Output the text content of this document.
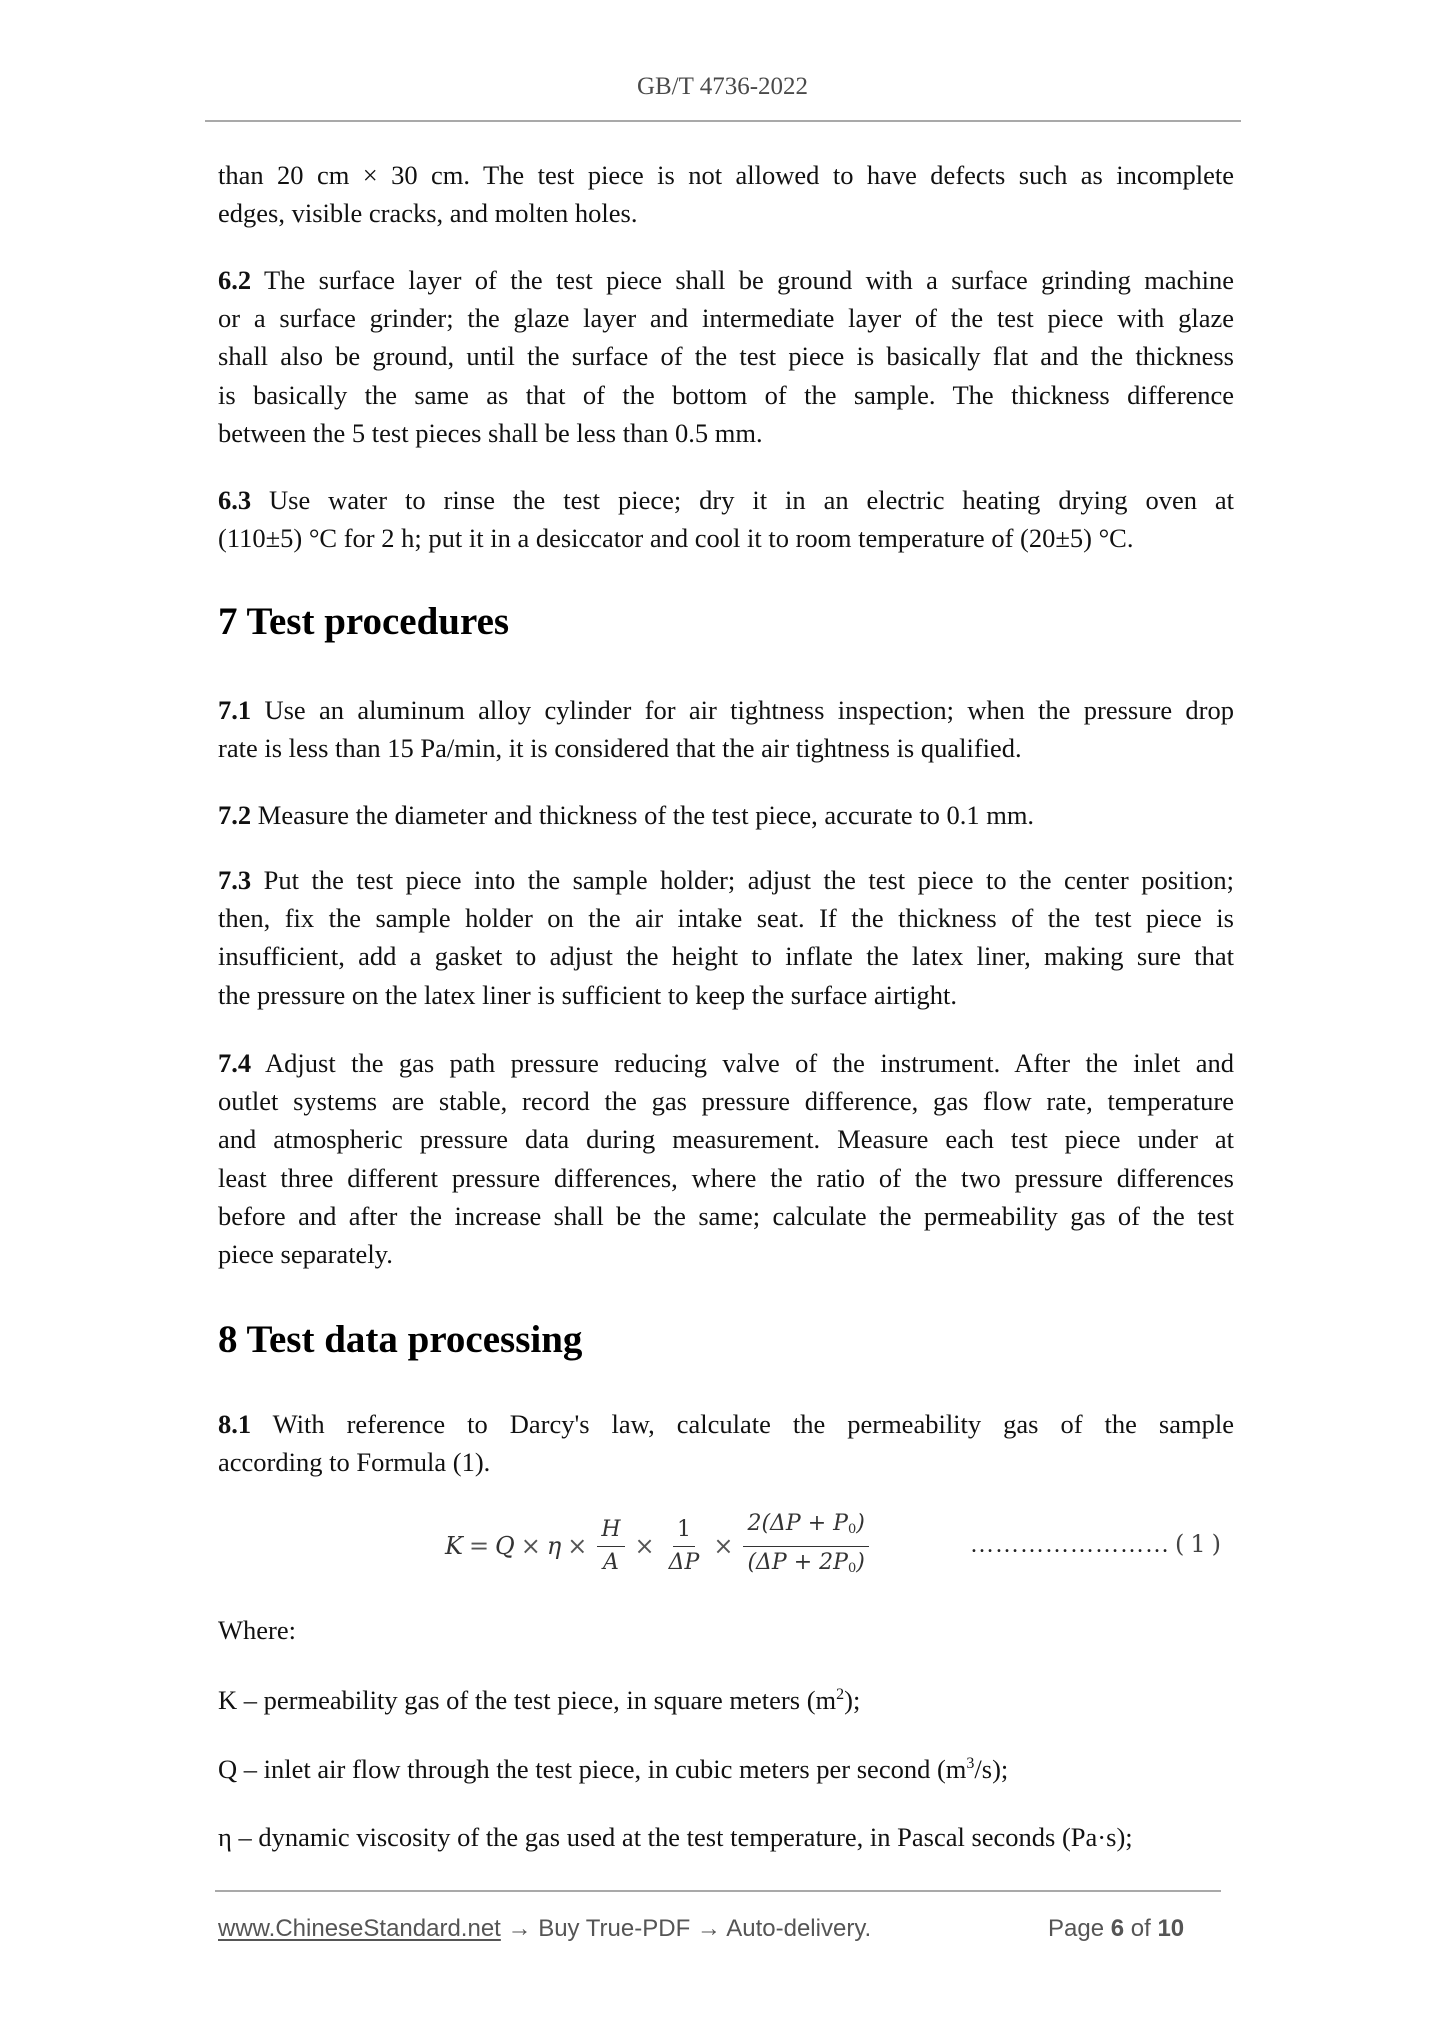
GB/T 4736-2022
than 20 cm × 30 cm. The test piece is not allowed to have defects such as incomplete
edges, visible cracks, and molten holes.
6.2 The surface layer of the test piece shall be ground with a surface grinding machine
or a surface grinder; the glaze layer and intermediate layer of the test piece with glaze
shall also be ground, until the surface of the test piece is basically flat and the thickness
is basically the same as that of the bottom of the sample. The thickness difference
between the 5 test pieces shall be less than 0.5 mm.
6.3 Use water to rinse the test piece; dry it in an electric heating drying oven at
(110±5) °C for 2 h; put it in a desiccator and cool it to room temperature of (20±5) °C.
7 Test procedures
7.1 Use an aluminum alloy cylinder for air tightness inspection; when the pressure drop
rate is less than 15 Pa/min, it is considered that the air tightness is qualified.
7.2 Measure the diameter and thickness of the test piece, accurate to 0.1 mm.
7.3 Put the test piece into the sample holder; adjust the test piece to the center position;
then, fix the sample holder on the air intake seat. If the thickness of the test piece is
insufficient, add a gasket to adjust the height to inflate the latex liner, making sure that
the pressure on the latex liner is sufficient to keep the surface airtight.
7.4 Adjust the gas path pressure reducing valve of the instrument. After the inlet and
outlet systems are stable, record the gas pressure difference, gas flow rate, temperature
and atmospheric pressure data during measurement. Measure each test piece under at
least three different pressure differences, where the ratio of the two pressure differences
before and after the increase shall be the same; calculate the permeability gas of the test
piece separately.
8 Test data processing
8.1 With reference to Darcy's law, calculate the permeability gas of the sample
according to Formula (1).
$K = Q \times \eta \times \frac{H}{A} \times \frac{1}{\Delta P} \times \frac{2(\Delta P + P_0)}{(\Delta P + 2P_0)}$	…………………… (1)
Where:
K – permeability gas of the test piece, in square meters $(m^2)$;
Q – inlet air flow through the test piece, in cubic meters per second $(m^3/s)$;
η – dynamic viscosity of the gas used at the test temperature, in Pascal seconds (Pa·s);
www.ChineseStandard.net → Buy True-PDF → Auto-delivery.	Page 6 of 10
